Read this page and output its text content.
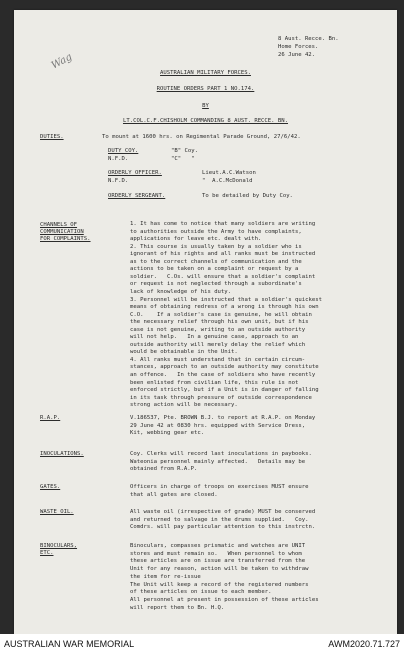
Wag
8 Aust. Recce. Bn.
Home Forces.
26 June 42.
AUSTRALIAN MILITARY FORCES.
ROUTINE ORDERS PART 1 NO.174.
BY
LT.COL.C.F.CHISHOLM COMMANDING 8 AUST. RECCE. BN.
DUTIES.	To mount at 1600 hrs. on Regimental Parade Ground, 27/6/42.
DUTY COY.	"B" Coy.
N.F.D.	"C"   "
ORDERLY OFFICER.	Lieut.A.C.Watson
N.F.D.	"  A.C.McDonald
ORDERLY SERGEANT.	To be detailed by Duty Coy.
CHANNELS OF
COMMUNICATION
FOR COMPLAINTS.
1. It has come to notice that many soldiers are writing
to authorities outside the Army to have complaints,
applications for leave etc. dealt with.
2. This course is usually taken by a soldier who is
ignorant of his rights and all ranks must be instructed
as to the correct channels of communication and the
actions to be taken on a complaint or request by a
soldier.   C.Os. will ensure that a soldier's complaint
or request is not neglected through a subordinate's
lack of knowledge of his duty.
3. Personnel will be instructed that a soldier's quickest
means of obtaining redress of a wrong is through his own
C.O.    If a soldier's case is genuine, he will obtain
the necessary relief through his own unit, but if his
case is not genuine, writing to an outside authority
will not help.   In a genuine case, approach to an
outside authority will merely delay the relief which
would be obtainable in the Unit.
4. All ranks must understand that in certain circum-
stances, approach to an outside authority may constitute
an offence.   In the case of soldiers who have recently
been enlisted from civilian life, this rule is not
enforced strictly, but if a Unit is in danger of falling
in its task through pressure of outside correspondence
strong action will be necessary.
R.A.P.	V.186537, Pte. BROWN B.J. to report at R.A.P. on Monday
29 June 42 at 0830 hrs. equipped with Service Dress,
Kit, webbing gear etc.
INOCULATIONS.	Coy. Clerks will record last inoculations in paybooks.
Wateonia personnel mainly affected.   Details may be
obtained from R.A.P.
GATES.	Officers in charge of troops on exercises MUST ensure
that all gates are closed.
WASTE OIL.	All waste oil (irrespective of grade) MUST be conserved
and returned to salvage in the drums supplied.   Coy.
Comdrs. will pay particular attention to this instrctn.
BINOCULARS,
ETC.
Binoculars, compasses prismatic and watches are UNIT
stores and must remain so.   When personnel to whom
these articles are on issue are transferred from the
Unit for any reason, action will be taken to withdraw
the item for re-issue
The Unit will keep a record of the registered numbers
of these articles on issue to each member.
All personnel at present in possession of these articles
will report them to Bn. H.Q.
AUSTRALIAN WAR MEMORIAL	AWM2020.71.727
